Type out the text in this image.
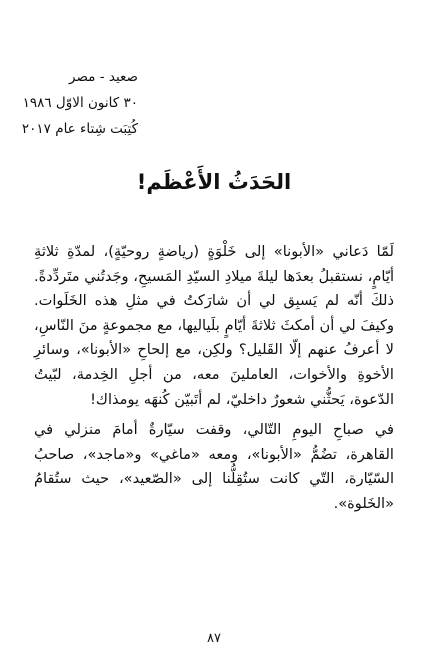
صعيد - مصر
٣٠ كانون الاوّل ١٩٨٦
كُتِبَت شِتاء عام ٢٠١٧
الحَدَثُ الأَعْظَم!

لَمّا دَعاني «الأبونا» إلى خَلْوَةٍ (رياضةٍ روحيّةٍ)، لمدّةِ ثلاثةِ أيّامٍ، نستقبلُ بعدَها ليلةَ ميلادِ السيّدِ المَسيحِ، وجَدتُني متَردِّدةً. ذلكَ أنّه لم يَسبِق لي أن شارَكتُ في مثلِ هذه الخَلَوات. وكيفَ لي أن أمكثَ ثلاثةَ أيّامٍ بلَياليها، مع مجموعةٍ منَ النّاسِ، لا أعرفُ عنهم إلّا القَليل؟ ولكِن، مع إلحاحِ «الأبونا»، وسائرِ الأخوةِ والأخوات، العاملينَ معه، من أجلِ الخِدمة، لبّيتُ الدّعوة، يَحثُّني شعورٌ داخليّ، لم أتَبيّن كُنهَه يومذاك!

في صباحِ اليومِ التّالي، وقفت سيّارةٌ أمامَ منزلي في القاهرة، تضُمُّ «الأبونا»، ومعه «ماغي» و«ماجد»، صاحبُ السّيّارة، التّي كانت ستُقِلُّنا إلى «الصّعيد»، حيث ستُقامُ «الخَلوة».

٨٧
